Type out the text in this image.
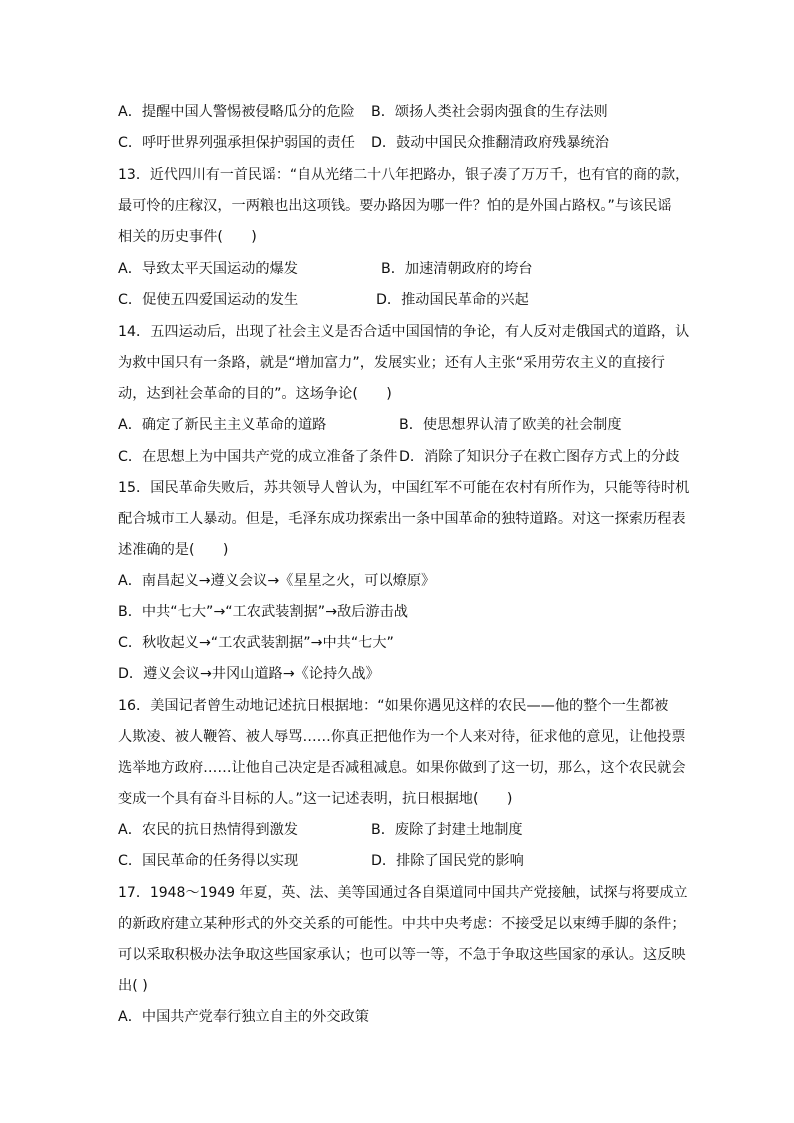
A．提醒中国人警惕被侵略瓜分的危险 B．颂扬人类社会弱肉强食的生存法则
C．呼吁世界列强承担保护弱国的责任 D．鼓动中国民众推翻清政府残暴统治
13．近代四川有一首民谣：“自从光绪二十八年把路办，银子凑了万万千，也有官的商的款，
最可怜的庄稼汉，一两粮也出这项钱。要办路因为哪一件？怕的是外国占路权。”与该民谣
相关的历史事件(　　)
A．导致太平天国运动的爆发	B．加速清朝政府的垮台
C．促使五四爱国运动的发生	D．推动国民革命的兴起
14．五四运动后，出现了社会主义是否合适中国国情的争论，有人反对走俄国式的道路，认
为救中国只有一条路，就是“增加富力”，发展实业；还有人主张“采用劳农主义的直接行
动，达到社会革命的目的”。这场争论(　　)
A．确定了新民主主义革命的道路	B．使思想界认清了欧美的社会制度
C．在思想上为中国共产党的成立准备了条件 D．消除了知识分子在救亡图存方式上的分歧
15．国民革命失败后，苏共领导人曾认为，中国红军不可能在农村有所作为，只能等待时机
配合城市工人暴动。但是，毛泽东成功探索出一条中国革命的独特道路。对这一探索历程表
述准确的是(　　)
A．南昌起义→遵义会议→《星星之火，可以燎原》
B．中共“七大”→“工农武装割据”→敌后游击战
C．秋收起义→“工农武装割据”→中共“七大”
D．遵义会议→井冈山道路→《论持久战》
16．美国记者曾生动地记述抗日根据地：“如果你遇见这样的农民——他的整个一生都被
人欺凌、被人鞭笞、被人辱骂……你真正把他作为一个人来对待，征求他的意见，让他投票
选举地方政府……让他自己决定是否减租减息。如果你做到了这一切，那么，这个农民就会
变成一个具有奋斗目标的人。”这一记述表明，抗日根据地(　　)
A．农民的抗日热情得到激发	B．废除了封建土地制度
C．国民革命的任务得以实现	D．排除了国民党的影响
17．1948～1949 年夏，英、法、美等国通过各自渠道同中国共产党接触，试探与将要成立
的新政府建立某种形式的外交关系的可能性。中共中央考虑：不接受足以束缚手脚的条件；
可以采取积极办法争取这些国家承认；也可以等一等，不急于争取这些国家的承认。这反映
出( )
A．中国共产党奉行独立自主的外交政策
